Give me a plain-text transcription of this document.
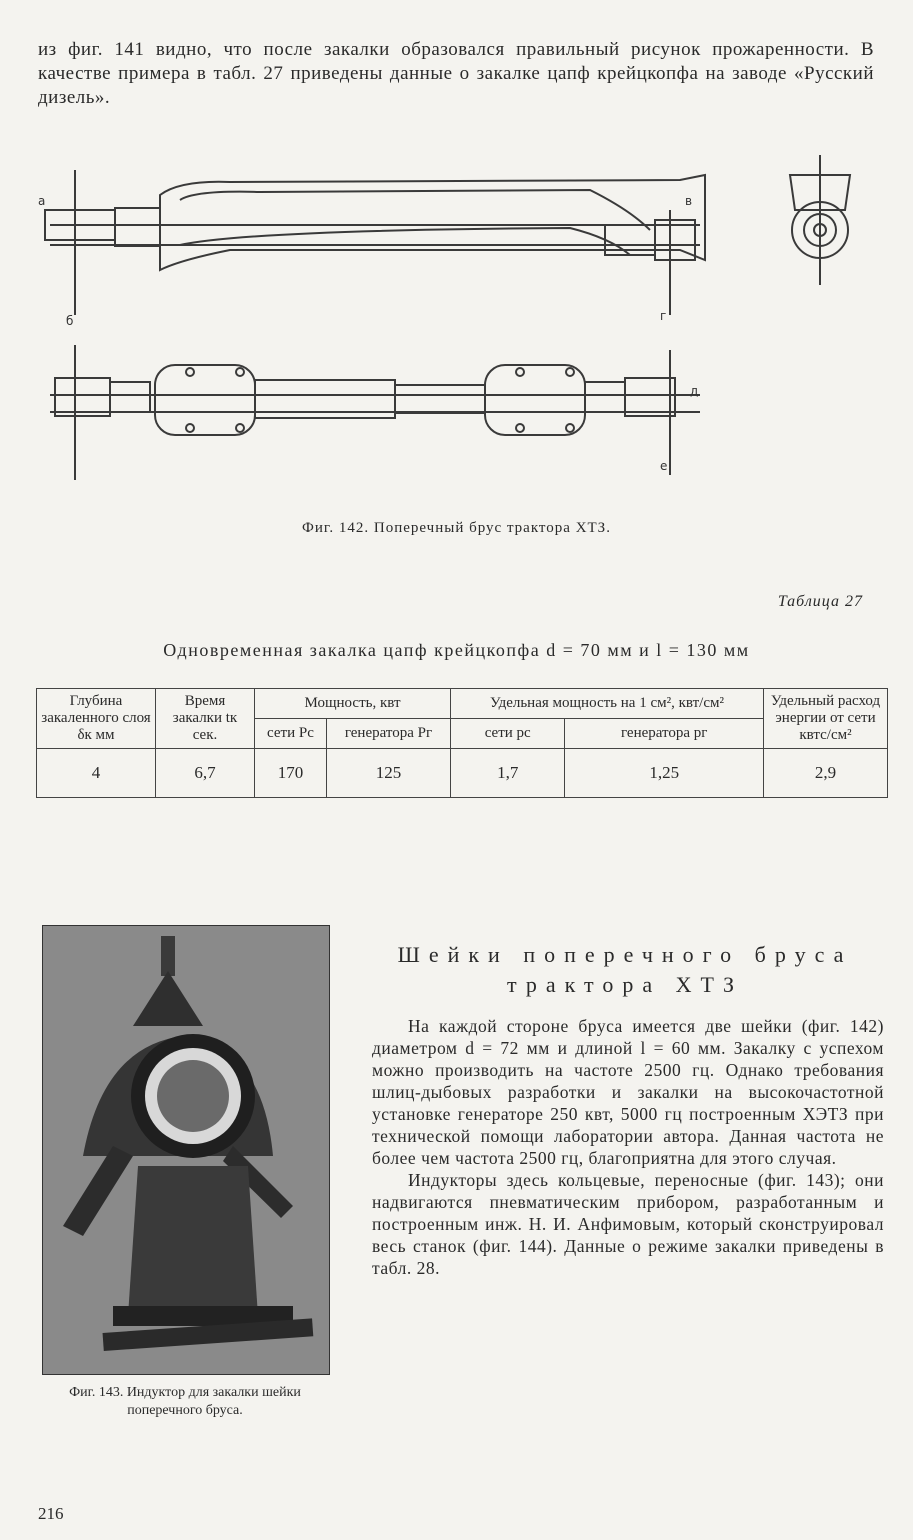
из фиг. 141 видно, что после закалки образовался правильный рисунок прожаренности. В качестве примера в табл. 27 приведены данные о закалке цапф крейцкопфа на заводе «Русский дизель».
а
б
в
г
д
е
Фиг. 142. Поперечный брус трактора ХТЗ.
Таблица 27
Одновременная закалка цапф крейцкопфа d = 70 мм и l = 130 мм
Глубина закаленного слоя δк мм	Время закалки tк сек.	Мощность, квт		Удельная мощность на 1 см², квт/см²		Удельный расход энергии от сети квтс/см²
		сети Рс	генератора Рг	сети рс	генератора рг	
4	6,7	170	125	1,7	1,25	2,9
Фиг. 143. Индуктор для закалки шейки поперечного бруса.
Шейки поперечного бруса трактора ХТЗ

На каждой стороне бруса имеется две шейки (фиг. 142) диаметром d = 72 мм и длиной l = 60 мм. Закалку с успехом можно производить на частоте 2500 гц. Однако требования шлиц-дыбовых разработки и закалки на высокочастотной установке генераторе 250 квт, 5000 гц построенным ХЭТЗ при технической помощи лаборатории автора. Данная частота не более чем частота 2500 гц, благоприятна для этого случая.

Индукторы здесь кольцевые, переносные (фиг. 143); они надвигаются пневматическим прибором, разработанным и построенным инж. Н. И. Анфимовым, который сконструировал весь станок (фиг. 144). Данные о режиме закалки приведены в табл. 28.

216
